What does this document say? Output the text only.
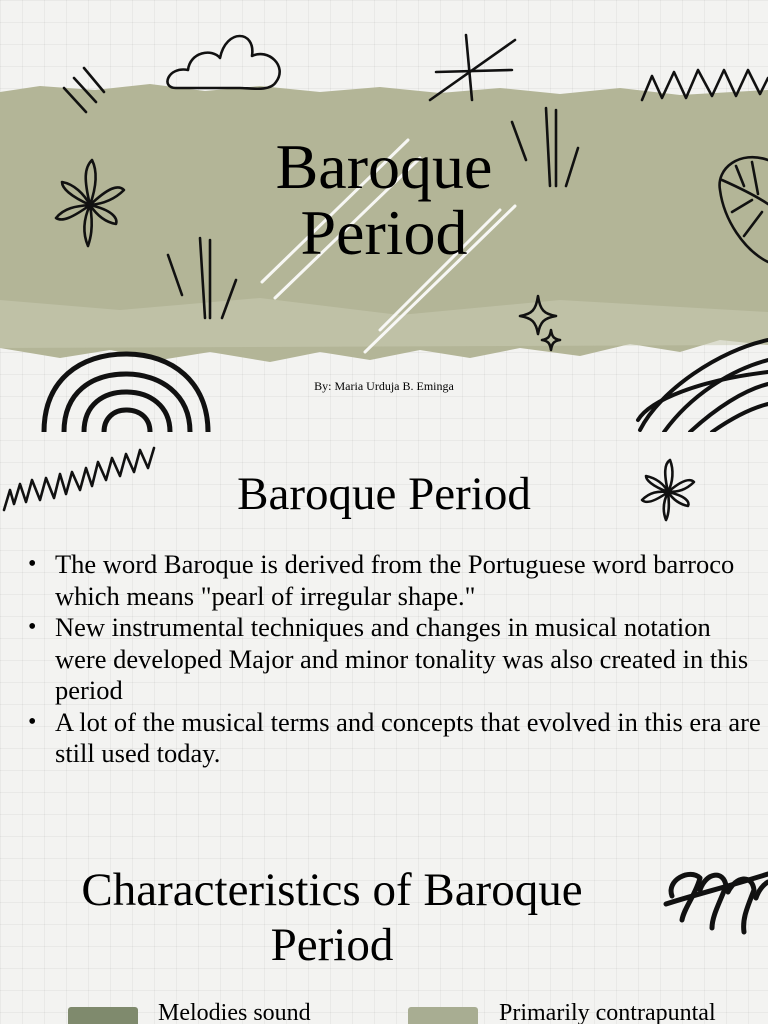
Baroque
Period

By: Maria Urduja B. Eminga

Baroque Period
• The word Baroque is derived from the Portuguese word barroco which means "pearl of irregular shape."
• New instrumental techniques and changes in musical notation were developed Major and minor tonality was also created in this period
• A lot of the musical terms and concepts that evolved in this era are still used today.
Characteristics of Baroque
Period
Melodies sound	Primarily contrapuntal
